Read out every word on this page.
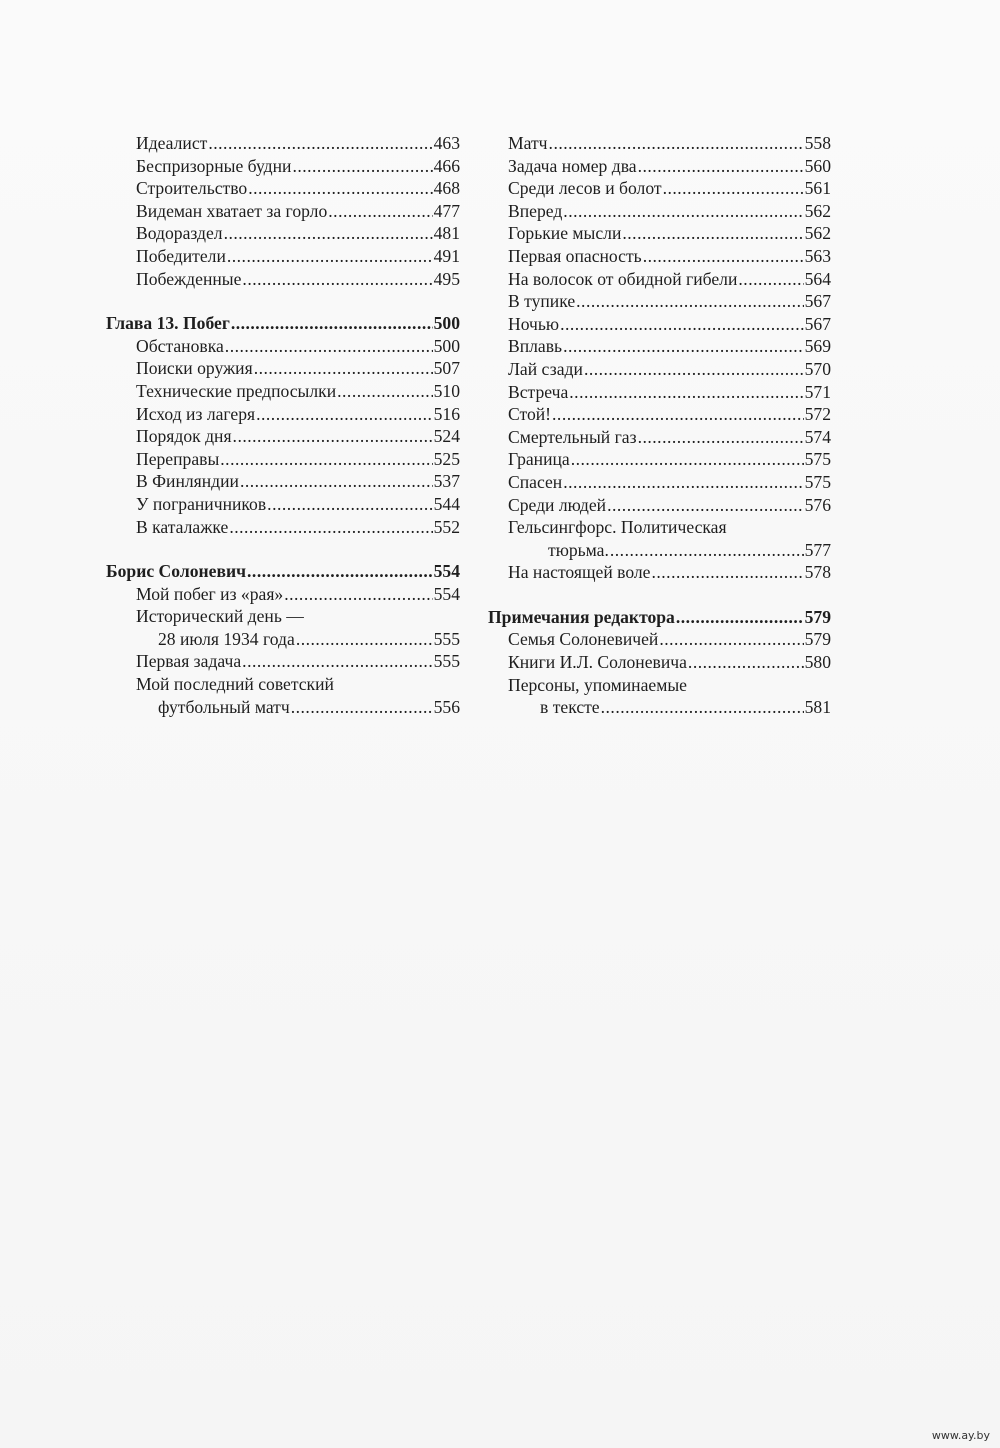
Идеалист .....	463
Беспризорные будни .....	466
Строительство .....	468
Видеман хватает за горло .....	477
Водораздел .....	481
Победители .....	491
Побежденные .....	495
Глава 13. Побег .....	500
Обстановка .....	500
Поиски оружия .....	507
Технические предпосылки .....	510
Исход из лагеря .....	516
Порядок дня .....	524
Переправы .....	525
В Финляндии .....	537
У пограничников .....	544
В каталажке .....	552
Борис Солоневич .....	554
Мой побег из «рая» .....	554
Исторический день —
28 июля 1934 года .....	555
Первая задача .....	555
Мой последний советский
футбольный матч .....	556
Матч .....	558
Задача номер два .....	560
Среди лесов и болот .....	561
Вперед .....	562
Горькие мысли .....	562
Первая опасность .....	563
На волосок от обидной гибели .....	564
В тупике .....	567
Ночью .....	567
Вплавь .....	569
Лай сзади .....	570
Встреча .....	571
Стой! .....	572
Смертельный газ .....	574
Граница .....	575
Спасен .....	575
Среди людей .....	576
Гельсингфорс. Политическая
тюрьма. .....	577
На настоящей воле .....	578
Примечания редактора .....	579
Семья Солоневичей .....	579
Книги И.Л. Солоневича .....	580
Персоны, упоминаемые
в тексте .....	581
www.ay.by
